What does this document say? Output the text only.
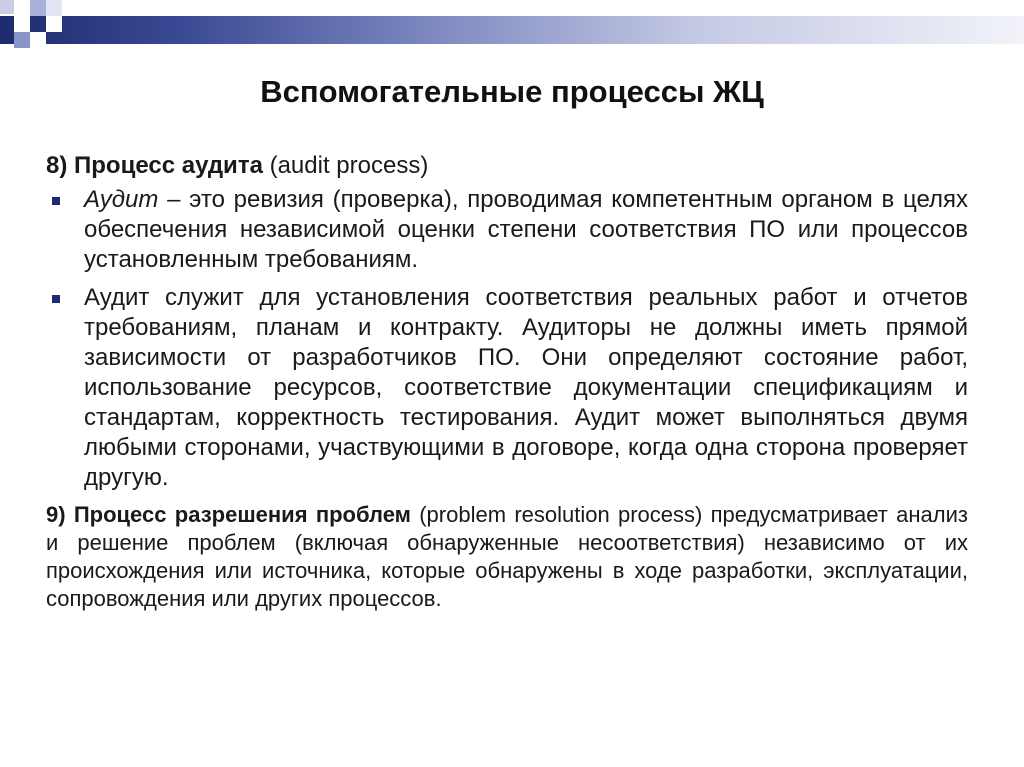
Вспомогательные процессы ЖЦ

8) Процесс аудита (audit process)

Аудит – это ревизия (проверка), проводимая компетентным органом в целях обеспечения независимой оценки степени соответствия ПО или процессов установленным требованиям.
Аудит служит для установления соответствия реальных работ и отчетов требованиям, планам и контракту. Аудиторы не должны иметь прямой зависимости от разработчиков ПО. Они определяют состояние работ, использование ресурсов, соответствие документации спецификациям и стандартам, корректность тестирования. Аудит может выполняться двумя любыми сторонами, участвующими в договоре, когда одна сторона проверяет другую.

9) Процесс разрешения проблем (problem resolution process) предусматривает анализ и решение проблем (включая обнаруженные несоответствия) независимо от их происхождения или источника, которые обнаружены в ходе разработки, эксплуатации, сопровождения или других процессов.
